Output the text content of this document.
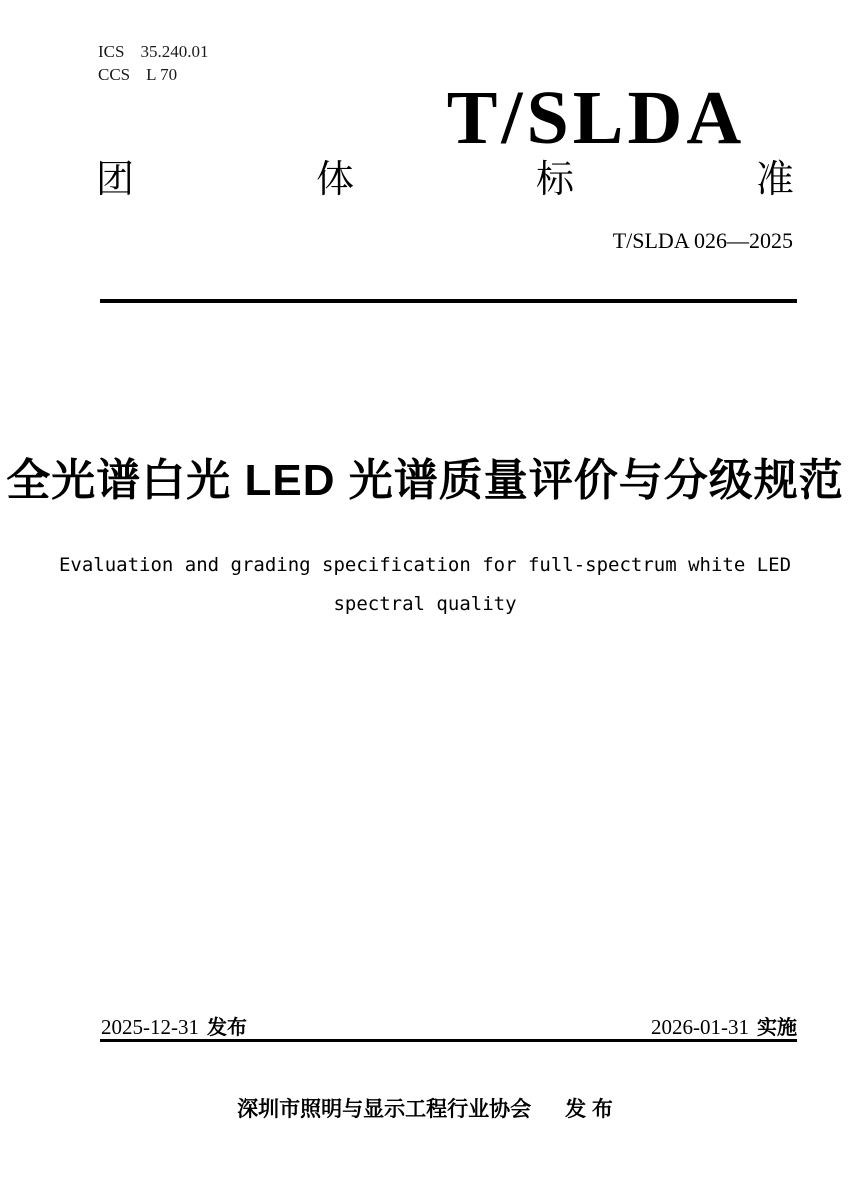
ICS 35.240.01
CCS L 70
T/SLDA
团	体	标	准
T/SLDA 026—2025
全光谱白光 LED 光谱质量评价与分级规范
Evaluation and grading specification for full-spectrum white LED
spectral quality
2025-12-31 发布	2026-01-31 实施
深圳市照明与显示工程行业协会 发 布
